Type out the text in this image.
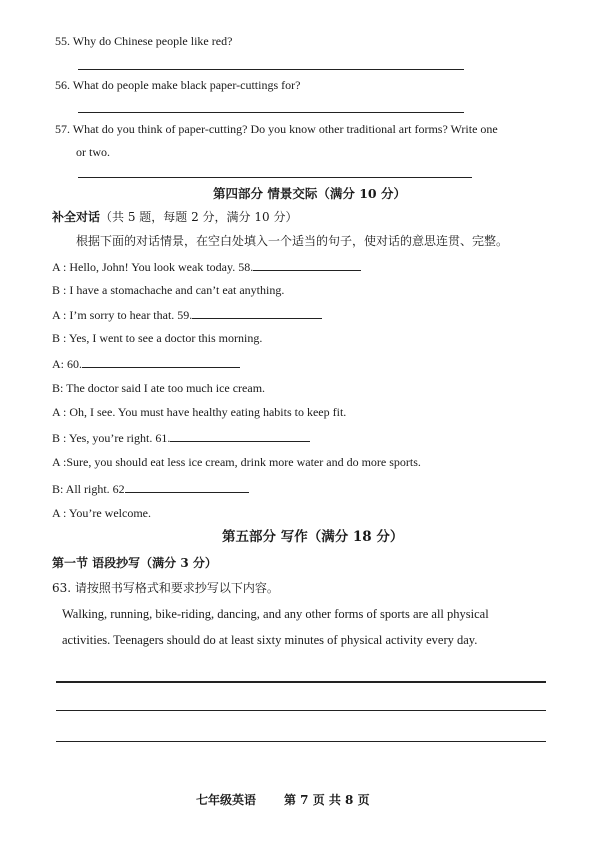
55. Why do Chinese people like red?
56. What do people make black paper-cuttings for?
57. What do you think of paper-cutting? Do you know other traditional art forms? Write one
or two.
第四部分 情景交际（满分 10 分）
补全对话（共 5 题，每题 2 分，满分 10 分）
根据下面的对话情景，在空白处填入一个适当的句子，使对话的意思连贯、完整。
A : Hello, John! You look weak today. 58.
B : I have a stomachache and can’t eat anything.
A : I’m sorry to hear that. 59.
B : Yes, I went to see a doctor this morning.
A: 60.
B: The doctor said I ate too much ice cream.
A : Oh, I see. You must have healthy eating habits to keep fit.
B : Yes, you’re right. 61.
A :Sure, you should eat less ice cream, drink more water and do more sports.
B: All right. 62
A : You’re welcome.
第五部分 写作（满分 18 分）
第一节 语段抄写（满分 3 分）
63. 请按照书写格式和要求抄写以下内容。
Walking, running, bike-riding, dancing, and any other forms of sports are all physical
activities. Teenagers should do at least sixty minutes of physical activity every day.
七年级英语 第 7 页 共 8 页
